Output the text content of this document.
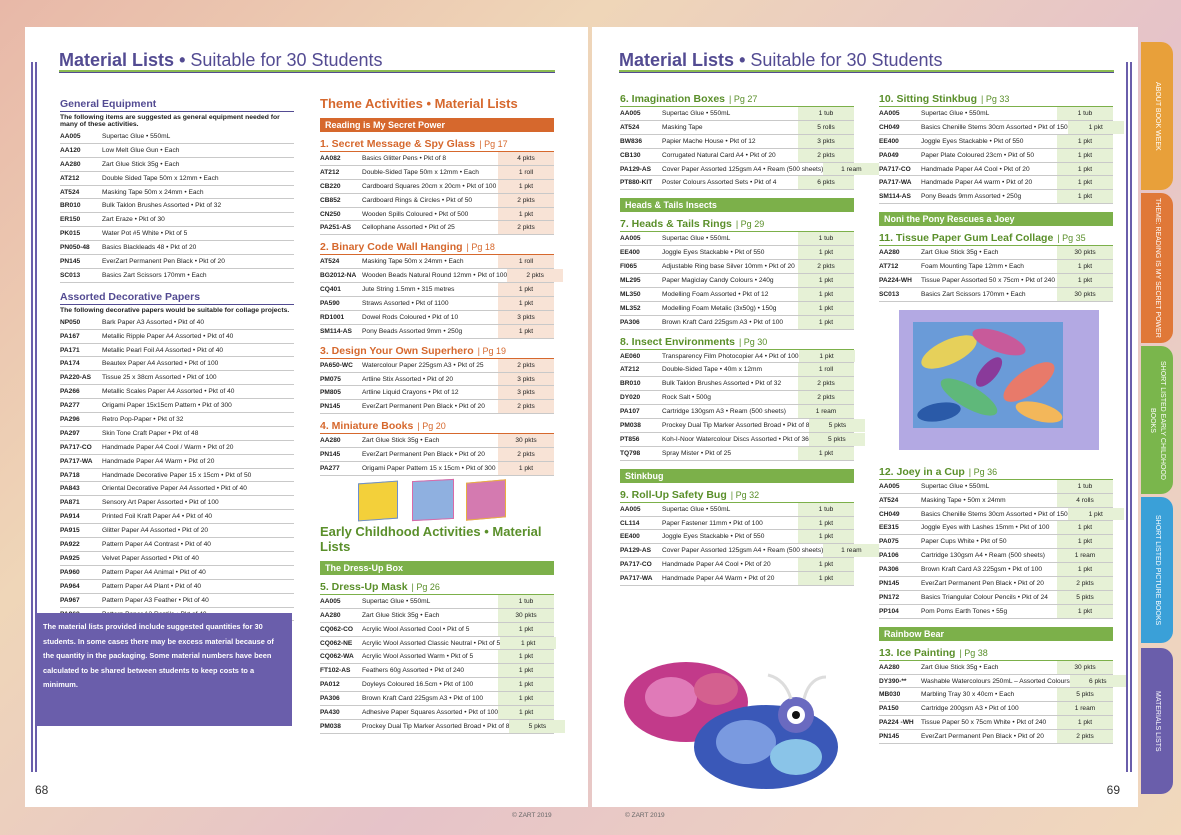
Material Lists • Suitable for 30 Students
General Equipment
The following items are suggested as general equipment needed for many of these activities.
AA005	Supertac Glue • 550mL
AA120	Low Melt Glue Gun • Each
AA280	Zart Glue Stick 35g • Each
AT212	Double Sided Tape 50m x 12mm • Each
AT524	Masking Tape 50m x 24mm • Each
BR010	Bulk Taklon Brushes Assorted • Pkt of 32
ER150	Zart Eraze • Pkt of 30
PK015	Water Pot #5 White • Pkt of 5
PN050-48	Basics Blackleads 48 • Pkt of 20
PN145	EverZart Permanent Pen Black • Pkt of 20
SC013	Basics Zart Scissors 170mm • Each
Assorted Decorative Papers
The following decorative papers would be suitable for collage projects.
NP050	Bark Paper A3 Assorted • Pkt of 40
PA167	Metallic Ripple Paper A4 Assorted • Pkt of 40
PA171	Metallic Pearl Foil A4 Assorted • Pkt of 40
PA174	Beautex Paper A4 Assorted • Pkt of 100
PA220-AS	Tissue 25 x 38cm Assorted • Pkt of 100
PA266	Metallic Scales Paper A4 Assorted • Pkt of 40
PA277	Origami Paper 15x15cm Pattern • Pkt of 300
PA296	Retro Pop-Paper • Pkt of 32
PA297	Skin Tone Craft Paper • Pkt of 48
PA717-CO	Handmade Paper A4 Cool / Warm • Pkt of 20
PA717-WA	Handmade Paper A4 Warm • Pkt of 20
PA718	Handmade Decorative Paper 15 x 15cm • Pkt of 50
PA843	Oriental Decorative Paper A4 Assorted • Pkt of 40
PA871	Sensory Art Paper Assorted • Pkt of 100
PA914	Printed Foil Kraft Paper A4 • Pkt of 40
PA915	Glitter Paper A4 Assorted • Pkt of 20
PA922	Pattern Paper A4 Contrast • Pkt of 40
PA925	Velvet Paper Assorted • Pkt of 40
PA960	Pattern Paper A4 Animal • Pkt of 40
PA964	Pattern Paper A4 Plant • Pkt of 40
PA967	Pattern Paper A3 Feather • Pkt of 40
Theme Activities • Material Lists
Reading is My Secret Power
1. Secret Message & Spy Glass | Pg 17
AA082	Basics Glitter Pens • Pkt of 8	4 pkts
AT212	Double-Sided Tape 50m x 12mm • Each	1 roll
CB220	Cardboard Squares 20cm x 20cm • Pkt of 100	1 pkt
CB852	Cardboard Rings & Circles • Pkt of 50	2 pkts
CN250	Wooden Spills Coloured • Pkt of 500	1 pkt
PA251-AS	Cellophane Assorted • Pkt of 25	2 pkts
2. Binary Code Wall Hanging | Pg 18
AT524	Masking Tape 50m x 24mm • Each	1 roll
BG2012-NA Wooden Beads Natural Round 12mm • Pkt of 100	2 pkts
CQ401	Jute String 1.5mm • 315 metres	1 pkt
PA590	Straws Assorted • Pkt of 1100	1 pkt
RD1001	Dowel Rods Coloured • Pkt of 10	3 pkts
SM114-AS	Pony Beads Assorted 9mm • 250g	1 pkt
3. Design Your Own Superhero | Pg 19
PA650-WC	Watercolour Paper 225gsm A3 • Pkt of 25	2 pkts
PM075	Artline Stix Assorted • Pkt of 20	3 pkts
PM805	Artline Liquid Crayons • Pkt of 12	3 pkts
PN145	EverZart Permanent Pen Black • Pkt of 20	2 pkts
4. Miniature Books | Pg 20
AA280	Zart Glue Stick 35g • Each	30 pkts
PN145	EverZart Permanent Pen Black • Pkt of 20	2 pkts
PA277	Origami Paper Pattern 15 x 15cm • Pkt of 300	1 pkt
Early Childhood Activities • Material Lists
The Dress-Up Box
5. Dress-Up Mask | Pg 26
AA005	Supertac Glue • 550mL	1 tub
AA280	Zart Glue Stick 35g • Each	30 pkts
CQ062-CO	Acrylic Wool Assorted Cool • Pkt of 5	1 pkt
CQ062-NE	Acrylic Wool Assorted Classic Neutral • Pkt of 5	1 pkt
CQ062-WA	Acrylic Wool Assorted Warm • Pkt of 5	1 pkt
FT102-AS	Feathers 60g Assorted • Pkt of 240	1 pkt
PA012	Doyleys Coloured 16.5cm • Pkt of 100	1 pkt
PA306	Brown Kraft Card 225gsm A3 • Pkt of 100	1 pkt
PA430	Adhesive Paper Squares Assorted • Pkt of 100	1 pkt
PM038	Prockey Dual Tip Marker Assorted Broad • Pkt of 8	5 pkts
68
The material lists provided include suggested quantities for 30 students. In some cases there may be excess material because of the quantity in the packaging. Some material numbers have been calculated to be shared between students to keep costs to a minimum.
Material Lists • Suitable for 30 Students
6. Imagination Boxes | Pg 27
AA005	Supertac Glue • 550mL	1 tub
AT524	Masking Tape	5 rolls
BW836	Papier Mache House • Pkt of 12	3 pkts
CB130	Corrugated Natural Card A4 • Pkt of 20	2 pkts
PA129-AS	Cover Paper Assorted 125gsm A4 • Ream (500 sheets)	1 ream
PT880-KIT	Poster Colours Assorted Sets • Pkt of 4	6 pkts
Heads & Tails Insects
7. Heads & Tails Rings | Pg 29
AA005	Supertac Glue • 550mL	1 tub
EE400	Joggle Eyes Stackable • Pkt of 550	1 pkt
FI065	Adjustable Ring base Silver 10mm • Pkt of 20	2 pkts
ML295	Paper Magiclay Candy Colours • 240g	1 pkt
ML350	Modelling Foam Assorted • Pkt of 12	1 pkt
ML352	Modelling Foam Metalic (3x50g) • 150g	1 pkt
PA306	Brown Kraft Card 225gsm A3 • Pkt of 100	1 pkt
8. Insect Environments | Pg 30
AE060	Transparency Film Photocopier A4 • Pkt of 100	1 pkt
AT212	Double-Sided Tape • 40m x 12mm	1 roll
BR010	Bulk Taklon Brushes Assorted • Pkt of 32	2 pkts
DY020	Rock Salt • 500g	2 pkts
PA107	Cartridge 130gsm A3 • Ream (500 sheets)	1 ream
PM038	Prockey Dual Tip Marker Assorted Broad • Pkt of 8	5 pkts
PT856	Koh-I-Noor Watercolour Discs Assorted • Pkt of 36	5 pkts
TQ798	Spray Mister • Pkt of 25	1 pkt
Stinkbug
9. Roll-Up Safety Bug | Pg 32
AA005	Supertac Glue • 550mL	1 tub
CL114	Paper Fastener 11mm • Pkt of 100	1 pkt
EE400	Joggle Eyes Stackable • Pkt of 550	1 pkt
PA129-AS	Cover Paper Assorted 125gsm A4 • Ream (500 sheets)	1 ream
PA717-CO	Handmade Paper A4 Cool • Pkt of 20	1 pkt
PA717-WA	Handmade Paper A4 Warm • Pkt of 20	1 pkt
10. Sitting Stinkbug | Pg 33
AA005	Supertac Glue • 550mL	1 tub
CH049	Basics Chenille Stems 30cm Assorted • Pkt of 150	1 pkt
EE400	Joggle Eyes Stackable • Pkt of 550	1 pkt
PA049	Paper Plate Coloured 23cm • Pkt of 50	1 pkt
PA717-CO	Handmade Paper A4 Cool • Pkt of 20	1 pkt
PA717-WA	Handmade Paper A4 warm • Pkt of 20	1 pkt
SM114-AS	Pony Beads 9mm Assorted • 250g	1 pkt
Noni the Pony Rescues a Joey
11. Tissue Paper Gum Leaf Collage | Pg 35
AA280	Zart Glue Stick 35g • Each	30 pkts
AT712	Foam Mounting Tape 12mm • Each	1 pkt
PA224-WH	Tissue Paper Assorted 50 x 75cm • Pkt of 240	1 pkt
SC013	Basics Zart Scissors 170mm • Each	30 pkts
12. Joey in a Cup | Pg 36
AA005	Supertac Glue • 550mL	1 tub
AT524	Masking Tape • 50m x 24mm	4 rolls
CH049	Basics Chenille Stems 30cm Assorted • Pkt of 150	1 pkt
EE315	Joggle Eyes with Lashes 15mm • Pkt of 100	1 pkt
PA075	Paper Cups White • Pkt of 50	1 pkt
PA106	Cartridge 130gsm A4 • Ream (500 sheets)	1 ream
PA306	Brown Kraft Card A3 225gsm • Pkt of 100	1 pkt
PN145	EverZart Permanent Pen Black • Pkt of 20	2 pkts
PN172	Basics Triangular Colour Pencils • Pkt of 24	5 pkts
PP104	Pom Poms Earth Tones • 55g	1 pkt
Rainbow Bear
13. Ice Painting | Pg 38
AA280	Zart Glue Stick 35g • Each	30 pkts
DY390-**	Washable Watercolours 250mL – Assorted Colours	6 pkts
MB030	Marbling Tray 30 x 40cm • Each	5 pkts
PA150	Cartridge 200gsm A3 • Pkt of 100	1 ream
PA224 -WH	Tissue Paper 50 x 75cm White • Pkt of 240	1 pkt
PN145	EverZart Permanent Pen Black • Pkt of 20	2 pkts
69
ABOUT BOOK WEEK
THEME: READING IS MY SECRET POWER
SHORT LISTED EARLY CHILDHOOD BOOKS
SHORT LISTED PICTURE BOOKS
MATERIALS LISTS
© ZART 2019	© ZART 2019
